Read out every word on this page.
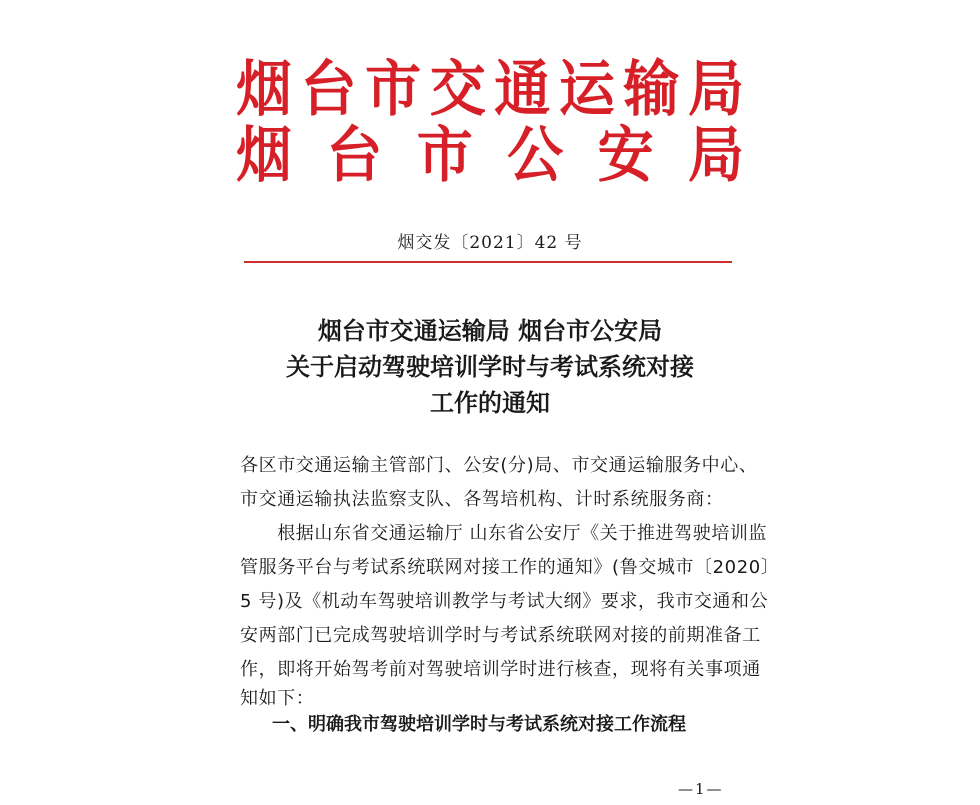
烟 台 市 交 通 运 输 局
烟 台 市 公 安 局
烟交发〔2021〕42 号
烟台市交通运输局 烟台市公安局
关于启动驾驶培训学时与考试系统对接
工作的通知
各区市交通运输主管部门、公安(分)局、市交通运输服务中心、
市交通运输执法监察支队、各驾培机构、计时系统服务商：
　　根据山东省交通运输厅 山东省公安厅《关于推进驾驶培训监
管服务平台与考试系统联网对接工作的通知》(鲁交城市〔2020〕
5 号)及《机动车驾驶培训教学与考试大纲》要求，我市交通和公
安两部门已完成驾驶培训学时与考试系统联网对接的前期准备工
作，即将开始驾考前对驾驶培训学时进行核查，现将有关事项通
知如下：
一、明确我市驾驶培训学时与考试系统对接工作流程
—1—
